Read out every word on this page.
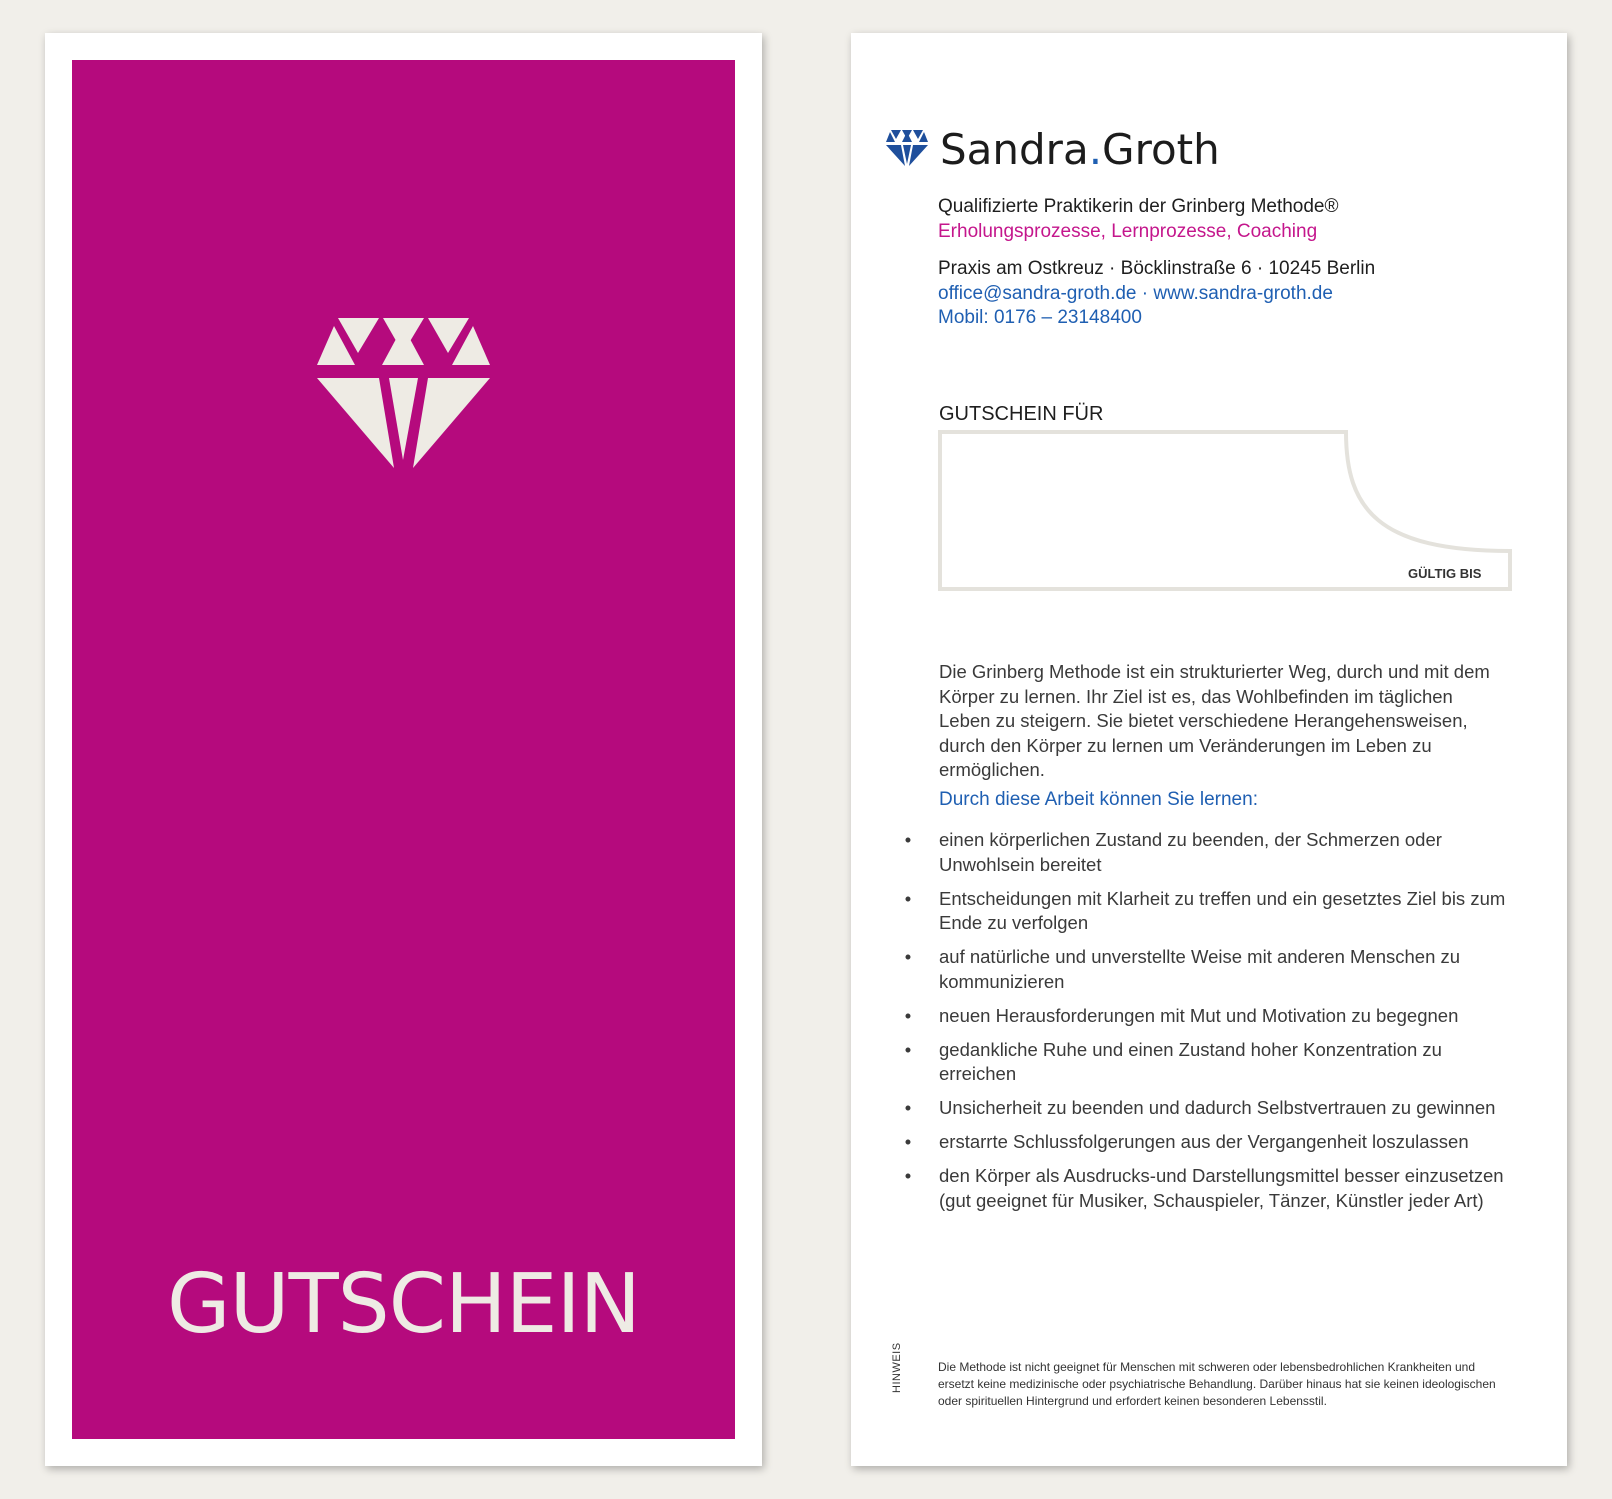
GUTSCHEIN
Sandra.Groth
Qualifizierte Praktikerin der Grinberg Methode®
Erholungsprozesse, Lernprozesse, Coaching
Praxis am Ostkreuz · Böcklinstraße 6 · 10245 Berlin
office@sandra-groth.de · www.sandra-groth.de
Mobil: 0176 – 23148400
GUTSCHEIN FÜR
GÜLTIG BIS
Die Grinberg Methode ist ein strukturierter Weg, durch und mit dem Körper zu lernen. Ihr Ziel ist es, das Wohlbefinden im täglichen Leben zu steigern. Sie bietet verschiedene Herangehensweisen, durch den Körper zu lernen um Veränderungen im Leben zu ermöglichen.
Durch diese Arbeit können Sie lernen:
• einen körperlichen Zustand zu beenden, der Schmerzen oder Unwohlsein bereitet
• Entscheidungen mit Klarheit zu treffen und ein gesetztes Ziel bis zum Ende zu verfolgen
• auf natürliche und unverstellte Weise mit anderen Menschen zu kommunizieren
• neuen Herausforderungen mit Mut und Motivation zu begegnen
• gedankliche Ruhe und einen Zustand hoher Konzentration zu erreichen
• Unsicherheit zu beenden und dadurch Selbstvertrauen zu gewinnen
• erstarrte Schlussfolgerungen aus der Vergangenheit loszulassen
• den Körper als Ausdrucks-und Darstellungsmittel besser einzusetzen (gut geeignet für Musiker, Schauspieler, Tänzer, Künstler jeder Art)
HINWEIS	Die Methode ist nicht geeignet für Menschen mit schweren oder lebensbedrohlichen Krankheiten und ersetzt keine medizinische oder psychiatrische Behandlung. Darüber hinaus hat sie keinen ideologischen oder spirituellen Hintergrund und erfordert keinen besonderen Lebensstil.
